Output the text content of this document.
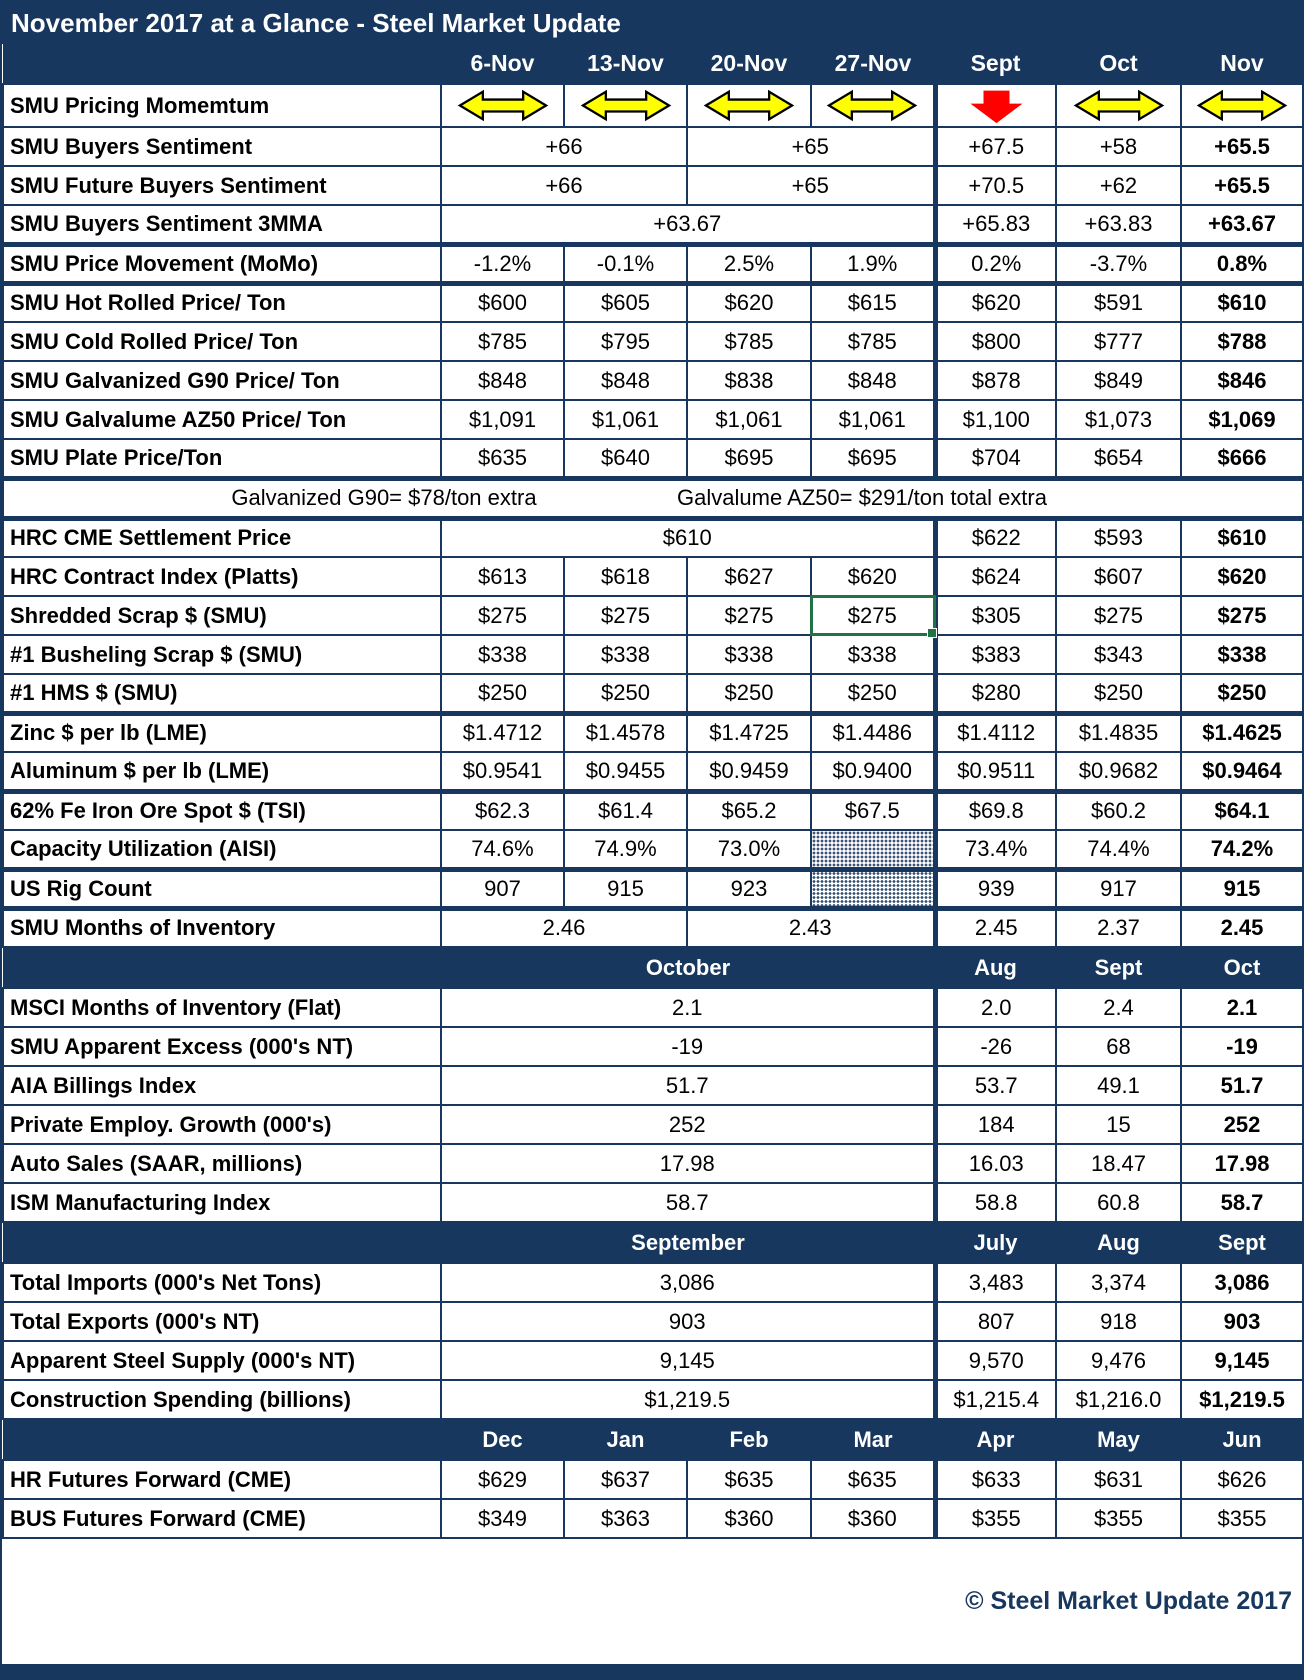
November 2017 at a Glance - Steel Market Update
	6-Nov	13-Nov	20-Nov	27-Nov	Sept	Oct	Nov
SMU Pricing Momemtum	

SMU Buyers Sentiment	+66		+65		+67.5	+58	+65.5
SMU Future Buyers Sentiment	+66		+65		+70.5	+62	+65.5
SMU Buyers Sentiment 3MMA	+63.67				+65.83	+63.83	+63.67
SMU Price Movement (MoMo)	-1.2%	-0.1%	2.5%	1.9%	0.2%	-3.7%	0.8%
SMU Hot Rolled Price/ Ton	$600	$605	$620	$615	$620	$591	$610
SMU Cold Rolled Price/ Ton	$785	$795	$785	$785	$800	$777	$788
SMU Galvanized G90 Price/ Ton	$848	$848	$838	$848	$878	$849	$846
SMU Galvalume AZ50 Price/ Ton	$1,091	$1,061	$1,061	$1,061	$1,100	$1,073	$1,069
SMU Plate Price/Ton	$635	$640	$695	$695	$704	$654	$666

Galvanized G90= $78/ton extra Galvalume AZ50= $291/ton total extra							

HRC CME Settlement Price	$610				$622	$593	$610
HRC Contract Index (Platts)	$613	$618	$627	$620	$624	$607	$620
Shredded Scrap $ (SMU)	$275	$275	$275	$275	$305	$275	$275
#1 Busheling Scrap $ (SMU)	$338	$338	$338	$338	$383	$343	$338
#1 HMS $ (SMU)	$250	$250	$250	$250	$280	$250	$250
Zinc $ per lb (LME)	$1.4712	$1.4578	$1.4725	$1.4486	$1.4112	$1.4835	$1.4625
Aluminum $ per lb (LME)	$0.9541	$0.9455	$0.9459	$0.9400	$0.9511	$0.9682	$0.9464
62% Fe Iron Ore Spot $ (TSI)	$62.3	$61.4	$65.2	$67.5	$69.8	$60.2	$64.1
Capacity Utilization (AISI)	74.6%	74.9%	73.0%		73.4%	74.4%	74.2%
US Rig Count	907	915	923		939	917	915
SMU Months of Inventory	2.46		2.43		2.45	2.37	2.45
	October				Aug	Sept	Oct
MSCI Months of Inventory (Flat)	2.1				2.0	2.4	2.1
SMU Apparent Excess (000's NT)	-19				-26	68	-19
AIA Billings Index	51.7				53.7	49.1	51.7
Private Employ. Growth (000's)	252				184	15	252
Auto Sales (SAAR, millions)	17.98				16.03	18.47	17.98
ISM Manufacturing Index	58.7				58.8	60.8	58.7
	September				July	Aug	Sept
Total Imports (000's Net Tons)	3,086				3,483	3,374	3,086
Total Exports (000's NT)	903				807	918	903
Apparent Steel Supply (000's NT)	9,145				9,570	9,476	9,145
Construction Spending (billions)	$1,219.5				$1,215.4	$1,216.0	$1,219.5
	Dec	Jan	Feb	Mar	Apr	May	Jun
HR Futures Forward (CME)	$629	$637	$635	$635	$633	$631	$626
BUS Futures Forward (CME)	$349	$363	$360	$360	$355	$355	$355
© Steel Market Update 2017
